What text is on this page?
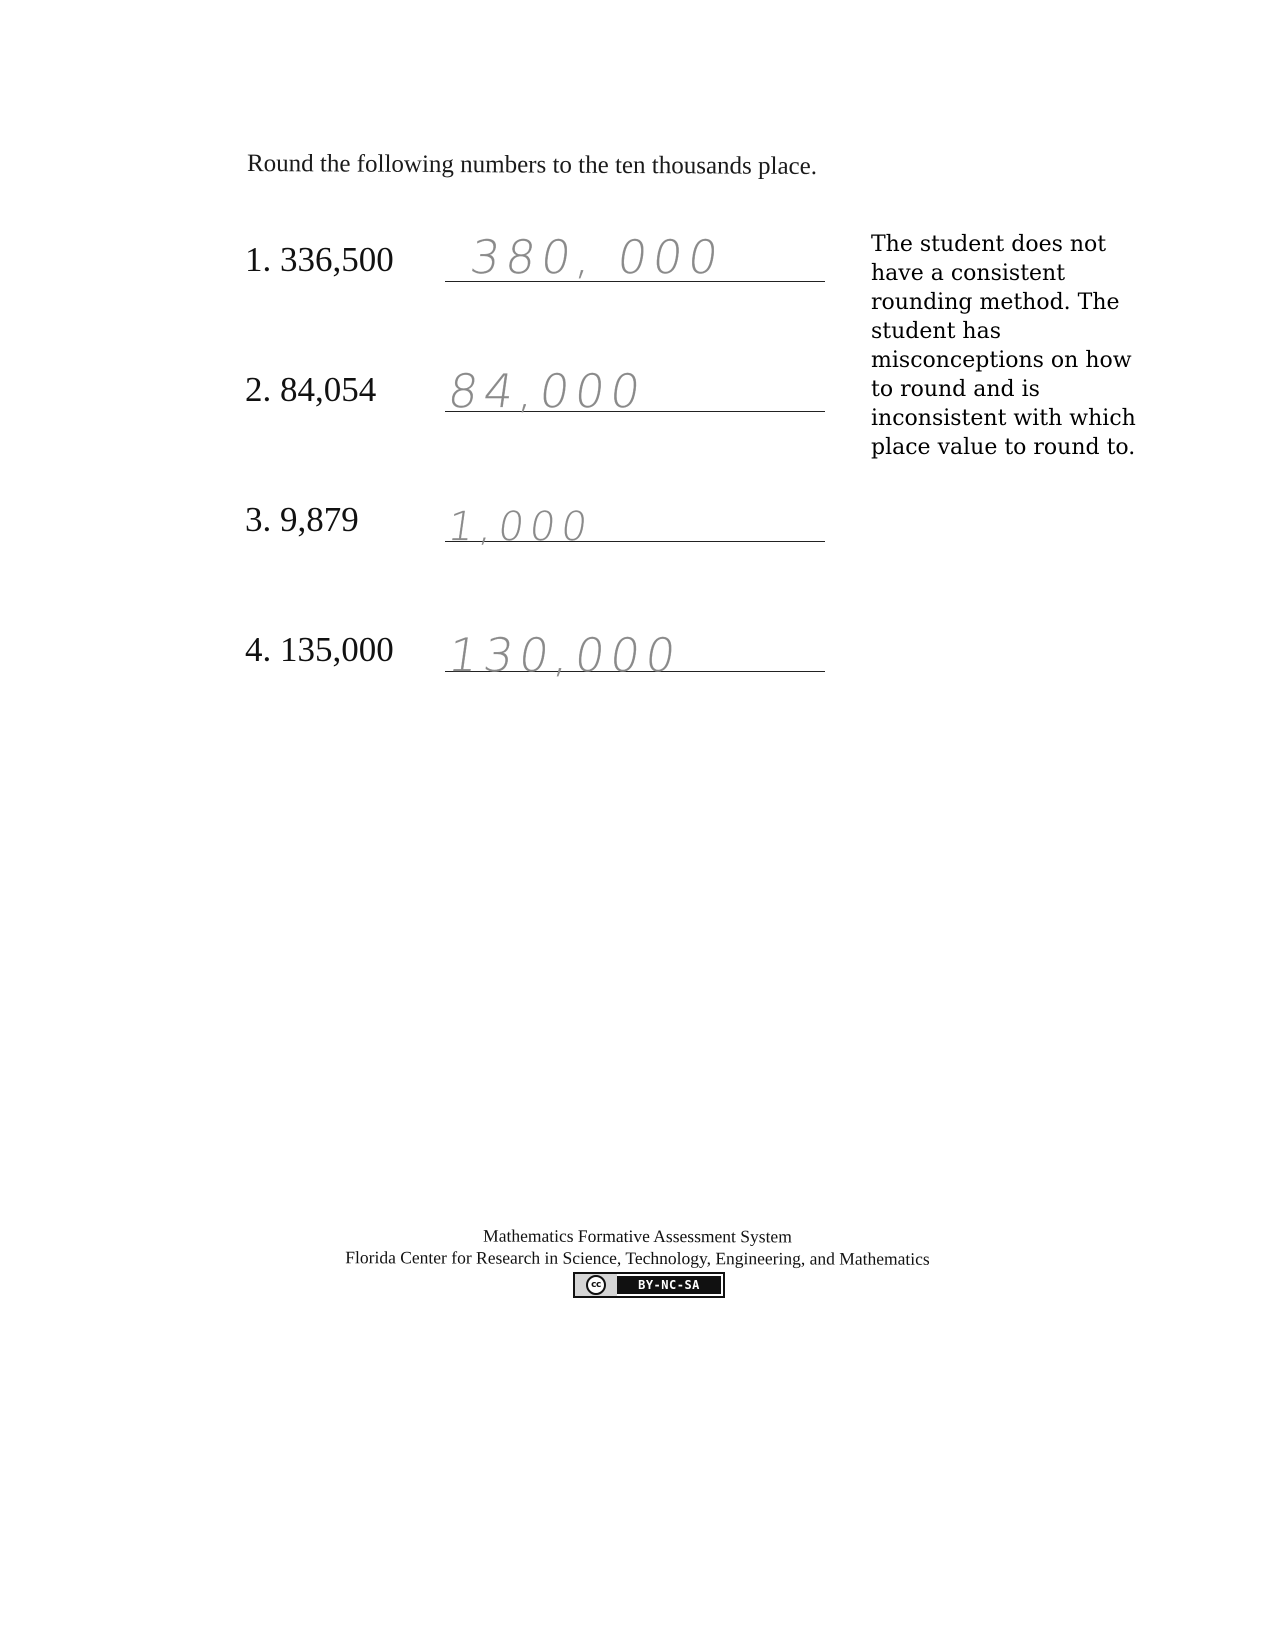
Round the following numbers to the ten thousands place.
1. 336,500 380, 000
2. 84,054 84,000
3. 9,879 1,000
4. 135,000 130,000
The student does not have a consistent rounding method. The student has misconceptions on how to round and is inconsistent with which place value to round to.
Mathematics Formative Assessment System
Florida Center for Research in Science, Technology, Engineering, and Mathematics
cc	BY-NC-SA
